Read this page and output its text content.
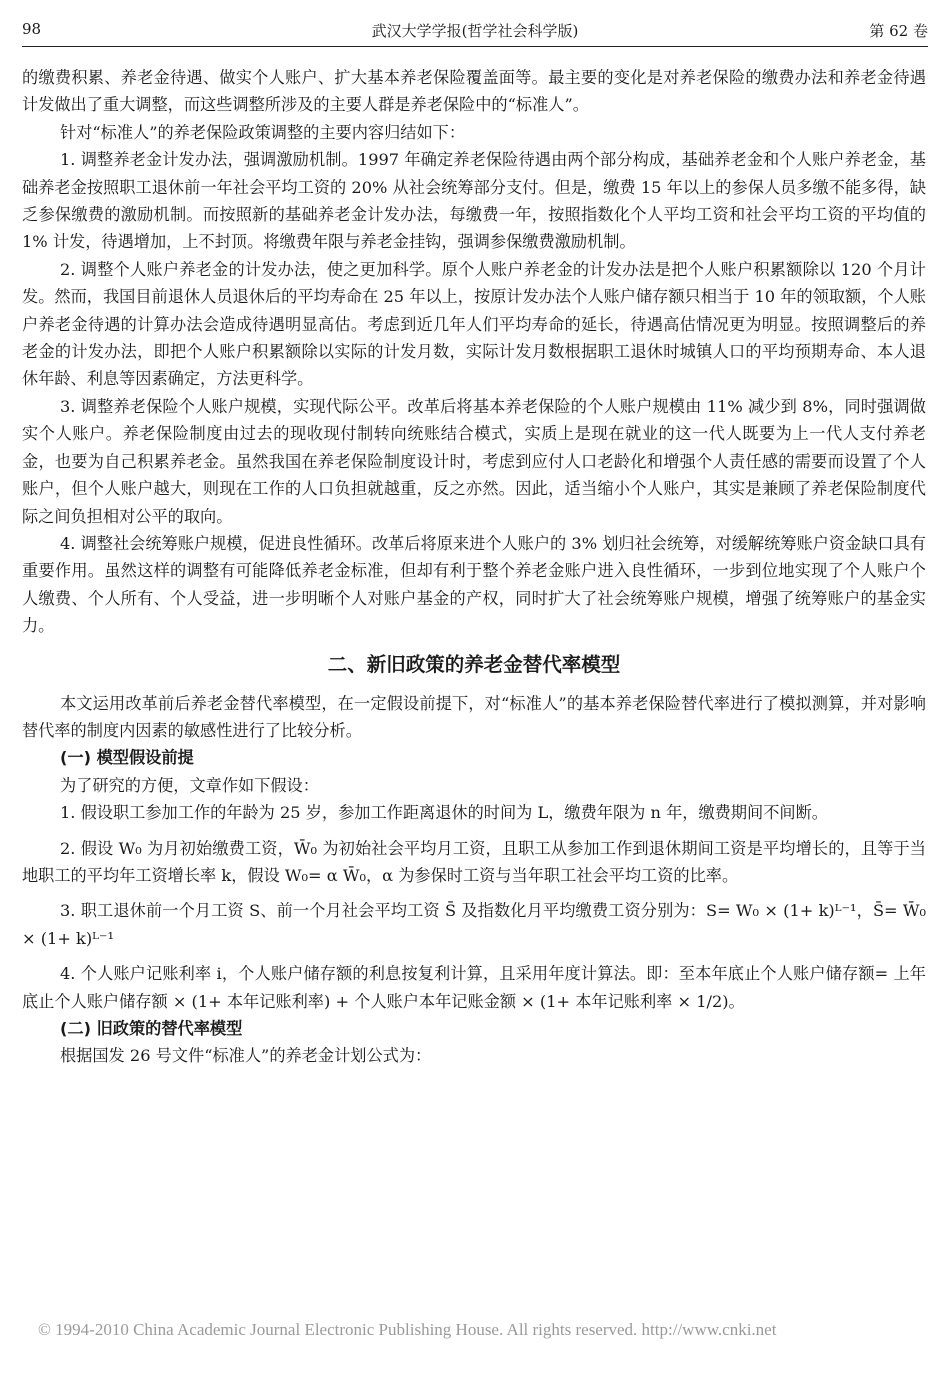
98	武汉大学学报(哲学社会科学版)	第 62 卷

的缴费积累、养老金待遇、做实个人账户、扩大基本养老保险覆盖面等。最主要的变化是对养老保险的缴费办法和养老金待遇计发做出了重大调整，而这些调整所涉及的主要人群是养老保险中的“标准人”。

针对“标准人”的养老保险政策调整的主要内容归结如下：

1. 调整养老金计发办法，强调激励机制。1997 年确定养老保险待遇由两个部分构成，基础养老金和个人账户养老金，基础养老金按照职工退休前一年社会平均工资的 20% 从社会统筹部分支付。但是，缴费 15 年以上的参保人员多缴不能多得，缺乏参保缴费的激励机制。而按照新的基础养老金计发办法，每缴费一年，按照指数化个人平均工资和社会平均工资的平均值的 1% 计发，待遇增加，上不封顶。将缴费年限与养老金挂钩，强调参保缴费激励机制。

2. 调整个人账户养老金的计发办法，使之更加科学。原个人账户养老金的计发办法是把个人账户积累额除以 120 个月计发。然而，我国目前退休人员退休后的平均寿命在 25 年以上，按原计发办法个人账户储存额只相当于 10 年的领取额，个人账户养老金待遇的计算办法会造成待遇明显高估。考虑到近几年人们平均寿命的延长，待遇高估情况更为明显。按照调整后的养老金的计发办法，即把个人账户积累额除以实际的计发月数，实际计发月数根据职工退休时城镇人口的平均预期寿命、本人退休年龄、利息等因素确定，方法更科学。

3. 调整养老保险个人账户规模，实现代际公平。改革后将基本养老保险的个人账户规模由 11% 减少到 8%，同时强调做实个人账户。养老保险制度由过去的现收现付制转向统账结合模式，实质上是现在就业的这一代人既要为上一代人支付养老金，也要为自己积累养老金。虽然我国在养老保险制度设计时，考虑到应付人口老龄化和增强个人责任感的需要而设置了个人账户，但个人账户越大，则现在工作的人口负担就越重，反之亦然。因此，适当缩小个人账户，其实是兼顾了养老保险制度代际之间负担相对公平的取向。

4. 调整社会统筹账户规模，促进良性循环。改革后将原来进个人账户的 3% 划归社会统筹，对缓解统筹账户资金缺口具有重要作用。虽然这样的调整有可能降低养老金标准，但却有利于整个养老金账户进入良性循环，一步到位地实现了个人账户个人缴费、个人所有、个人受益，进一步明晰个人对账户基金的产权，同时扩大了社会统筹账户规模，增强了统筹账户的基金实力。

二、新旧政策的养老金替代率模型

本文运用改革前后养老金替代率模型，在一定假设前提下，对“标准人”的基本养老保险替代率进行了模拟测算，并对影响替代率的制度内因素的敏感性进行了比较分析。

(一) 模型假设前提

为了研究的方便，文章作如下假设：

1. 假设职工参加工作的年龄为 25 岁，参加工作距离退休的时间为 L，缴费年限为 n 年，缴费期间不间断。

2. 假设 W₀ 为月初始缴费工资，W̄₀ 为初始社会平均月工资，且职工从参加工作到退休期间工资是平均增长的，且等于当地职工的平均年工资增长率 k，假设 W₀= α W̄₀，α 为参保时工资与当年职工社会平均工资的比率。

3. 职工退休前一个月工资 S、前一个月社会平均工资 S̄ 及指数化月平均缴费工资分别为：S= W₀ × (1+ k)ᴸ⁻¹，S̄= W̄₀ × (1+ k)ᴸ⁻¹

4. 个人账户记账利率 i，个人账户储存额的利息按复利计算，且采用年度计算法。即：至本年底止个人账户储存额= 上年底止个人账户储存额 × (1+ 本年记账利率) + 个人账户本年记账金额 × (1+ 本年记账利率 × 1/2)。

(二) 旧政策的替代率模型

根据国发 26 号文件“标准人”的养老金计划公式为：

© 1994-2010 China Academic Journal Electronic Publishing House. All rights reserved. http://www.cnki.net
